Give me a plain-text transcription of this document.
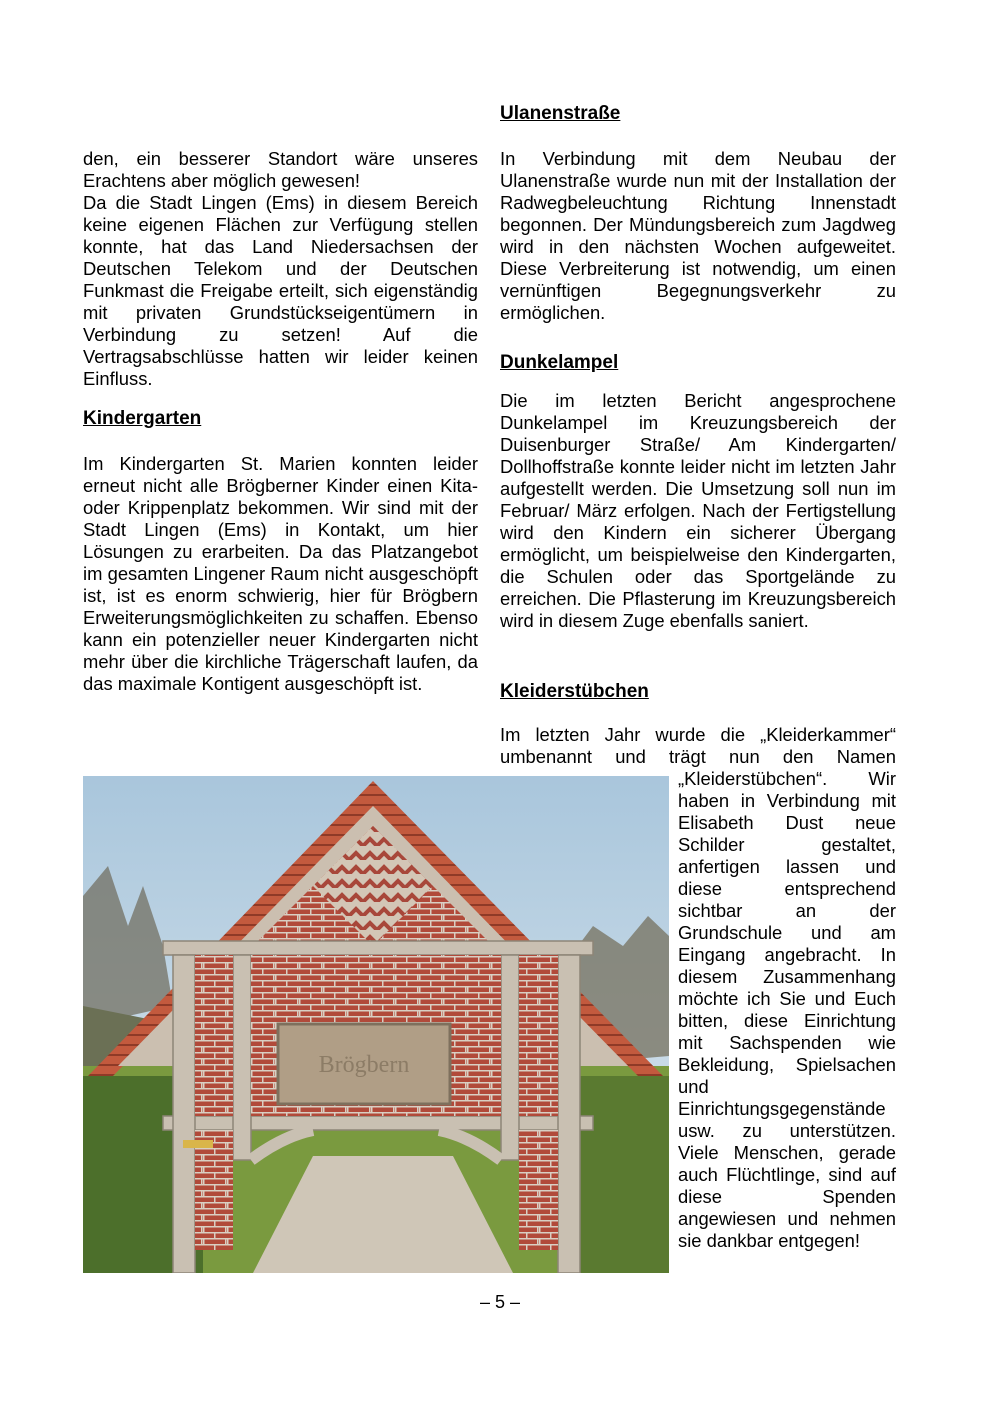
den, ein besserer Standort wäre unseres Erachtens aber möglich gewesen!
Da die Stadt Lingen (Ems) in diesem Bereich keine eigenen Flächen zur Verfügung stellen konnte, hat das Land Niedersachsen der Deutschen Telekom und der Deutschen Funkmast die Freigabe erteilt, sich eigenständig mit privaten Grundstückseigentümern in Verbindung zu setzen! Auf die Vertragsabschlüsse hatten wir leider keinen Einfluss.

Kindergarten

Im Kindergarten St. Marien konnten leider erneut nicht alle Brögberner Kinder einen Kita- oder Krippenplatz bekommen. Wir sind mit der Stadt Lingen (Ems) in Kontakt, um hier Lösungen zu erarbeiten. Da das Platzangebot im gesamten Lingener Raum nicht ausgeschöpft ist, ist es enorm schwierig, hier für Brögbern Erweiterungsmöglichkeiten zu schaffen. Ebenso kann ein potenzieller neuer Kindergarten nicht mehr über die kirchliche Trägerschaft laufen, da das maximale Kontigent ausgeschöpft ist.

Brögbern
Ulanenstraße

In Verbindung mit dem Neubau der Ulanenstraße wurde nun mit der Installation der Radwegbeleuchtung Richtung Innenstadt begonnen. Der Mündungsbereich zum Jagdweg wird in den nächsten Wochen aufgeweitet. Diese Verbreiterung ist notwendig, um einen vernünftigen Begegnungsverkehr zu ermöglichen.

Dunkelampel

Die im letzten Bericht angesprochene Dunkelampel im Kreuzungsbereich der Duisenburger Straße/ Am Kindergarten/ Dollhoffstraße konnte leider nicht im letzten Jahr aufgestellt werden. Die Umsetzung soll nun im Februar/ März erfolgen. Nach der Fertigstellung wird den Kindern ein sicherer Übergang ermöglicht, um beispielweise den Kindergarten, die Schulen oder das Sportgelände zu erreichen. Die Pflasterung im Kreuzungsbereich wird in diesem Zuge ebenfalls saniert.

Kleiderstübchen

Im letzten Jahr wurde die „Kleiderkammer“ umbenannt und trägt nun den Namen

„Kleiderstübchen“. Wir haben in Verbindung mit Elisabeth Dust neue Schilder gestaltet, anfertigen lassen und diese entsprechend sichtbar an der Grundschule und am Eingang angebracht. In diesem Zusammenhang möchte ich Sie und Euch bitten, diese Einrichtung mit Sachspenden wie Bekleidung, Spielsachen und Einrichtungsgegenstände usw. zu unterstützen. Viele Menschen, gerade auch Flüchtlinge, sind auf diese Spenden angewiesen und nehmen sie dankbar entgegen!

– 5 –
